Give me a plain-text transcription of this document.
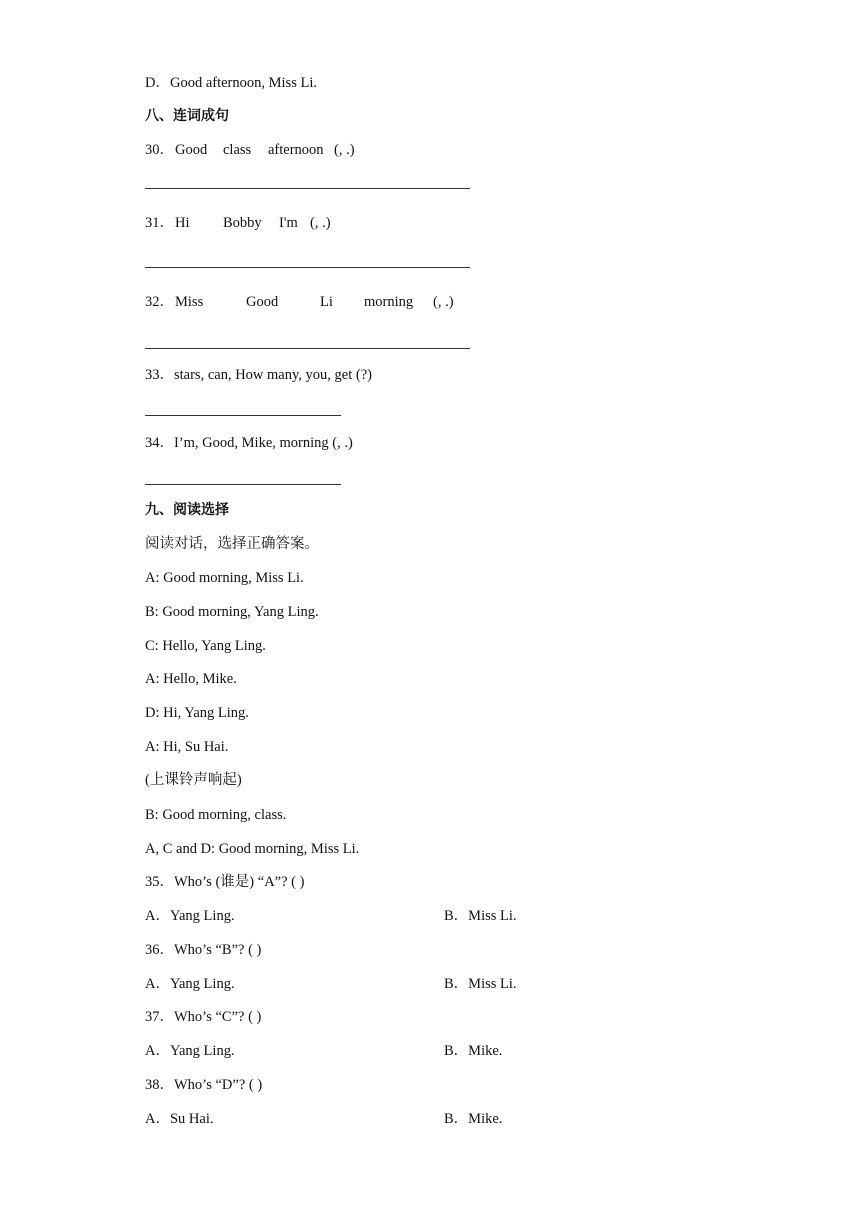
D．Good afternoon, Miss Li.
八、连词成句
30． Good class afternoon (, .)
31． Hi Bobby I'm (, .)
32． Miss	Good	Li morning (, .)
33．stars, can, How many, you, get (?)
34．I’m, Good, Mike, morning (, .)
九、阅读选择
阅读对话，选择正确答案。
A: Good morning, Miss Li.
B: Good morning, Yang Ling.
C: Hello, Yang Ling.
A: Hello, Mike.
D: Hi, Yang Ling.
A: Hi, Su Hai.
(上课铃声响起)
B: Good morning, class.
A, C and D: Good morning, Miss Li.
35．Who’s (谁是) “A”? ( )
A．Yang Ling.	B．Miss Li.
36．Who’s “B”? ( )
A．Yang Ling.	B．Miss Li.
37．Who’s “C”? ( )
A．Yang Ling.	B．Mike.
38．Who’s “D”? ( )
A．Su Hai.	B．Mike.
